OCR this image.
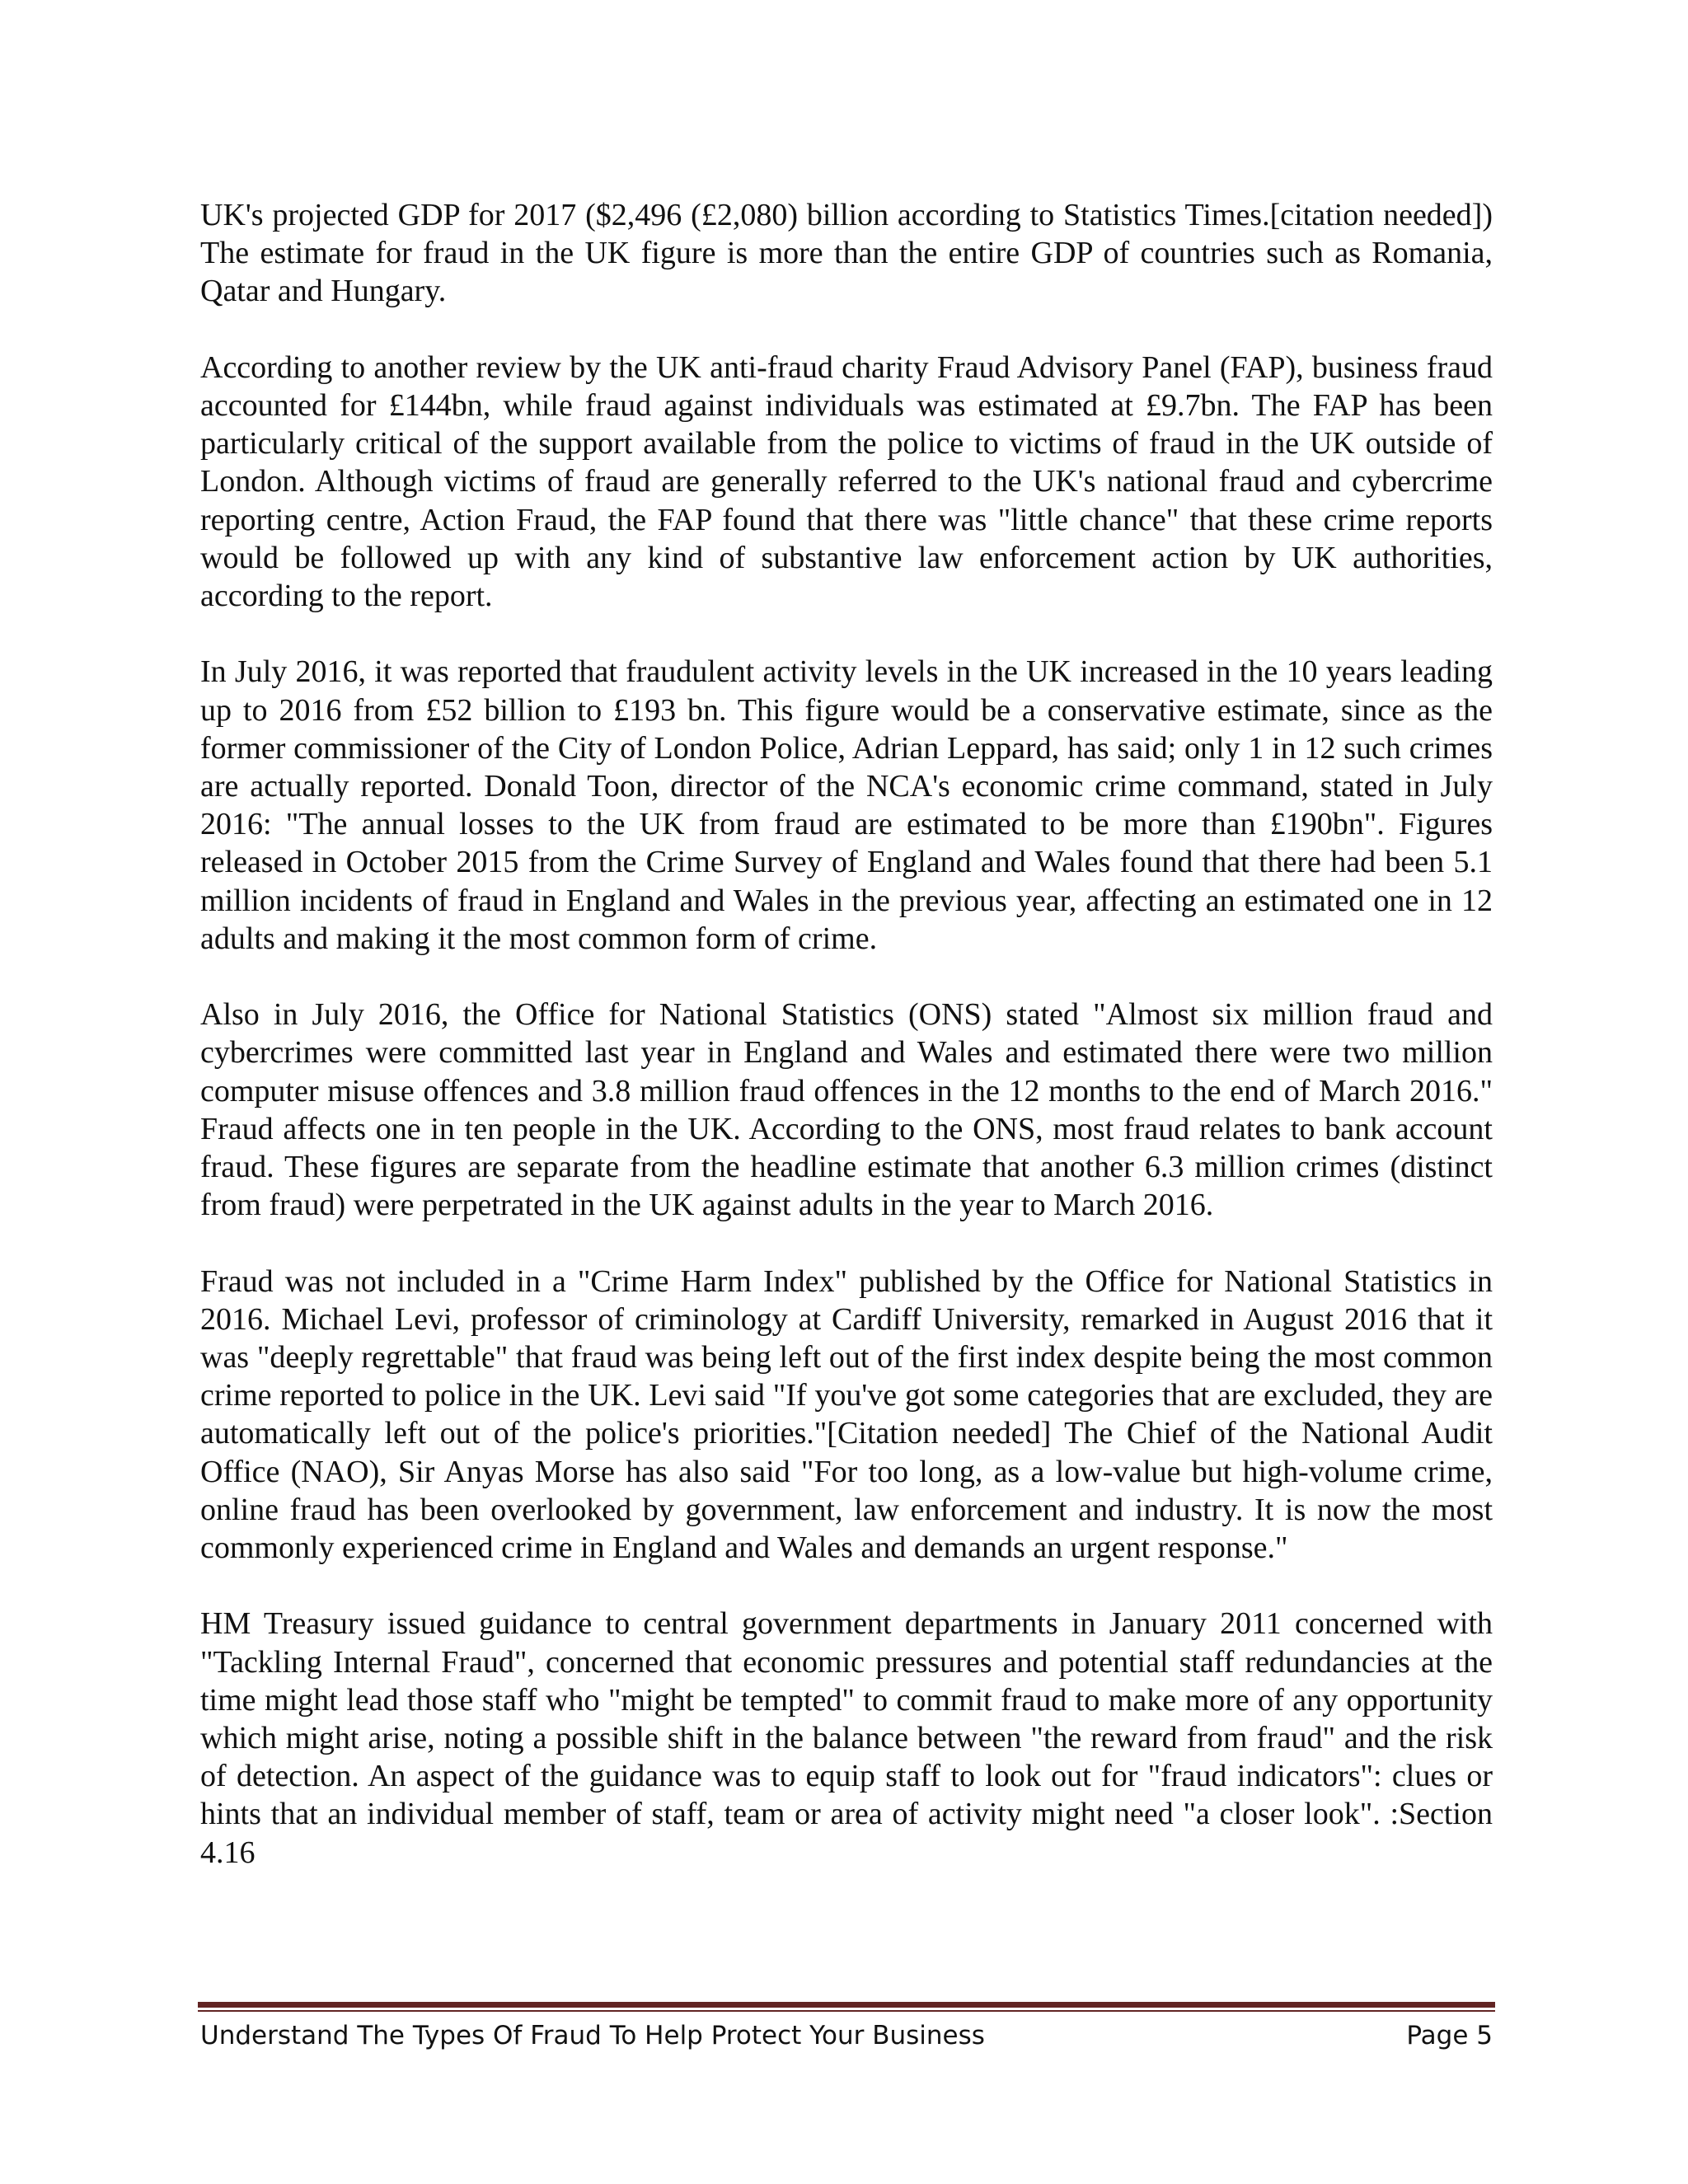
UK's projected GDP for 2017 ($2,496 (£2,080) billion according to Statistics Times.[citation needed]) The estimate for fraud in the UK figure is more than the entire GDP of countries such as Romania, Qatar and Hungary.

According to another review by the UK anti-fraud charity Fraud Advisory Panel (FAP), business fraud accounted for £144bn, while fraud against individuals was estimated at £9.7bn. The FAP has been particularly critical of the support available from the police to victims of fraud in the UK outside of London. Although victims of fraud are generally referred to the UK's national fraud and cybercrime reporting centre, Action Fraud, the FAP found that there was "little chance" that these crime reports would be followed up with any kind of substantive law enforcement action by UK authorities, according to the report.

In July 2016, it was reported that fraudulent activity levels in the UK increased in the 10 years leading up to 2016 from £52 billion to £193 bn. This figure would be a conservative estimate, since as the former commissioner of the City of London Police, Adrian Leppard, has said; only 1 in 12 such crimes are actually reported. Donald Toon, director of the NCA's economic crime command, stated in July 2016: "The annual losses to the UK from fraud are estimated to be more than £190bn". Figures released in October 2015 from the Crime Survey of England and Wales found that there had been 5.1 million incidents of fraud in England and Wales in the previous year, affecting an estimated one in 12 adults and making it the most common form of crime.

Also in July 2016, the Office for National Statistics (ONS) stated "Almost six million fraud and cybercrimes were committed last year in England and Wales and estimated there were two million computer misuse offences and 3.8 million fraud offences in the 12 months to the end of March 2016." Fraud affects one in ten people in the UK. According to the ONS, most fraud relates to bank account fraud. These figures are separate from the headline estimate that another 6.3 million crimes (distinct from fraud) were perpetrated in the UK against adults in the year to March 2016.

Fraud was not included in a "Crime Harm Index" published by the Office for National Statistics in 2016. Michael Levi, professor of criminology at Cardiff University, remarked in August 2016 that it was "deeply regrettable" that fraud was being left out of the first index despite being the most common crime reported to police in the UK. Levi said "If you've got some categories that are excluded, they are automatically left out of the police's priorities."[Citation needed] The Chief of the National Audit Office (NAO), Sir Anyas Morse has also said "For too long, as a low-value but high-volume crime, online fraud has been overlooked by government, law enforcement and industry. It is now the most commonly experienced crime in England and Wales and demands an urgent response."

HM Treasury issued guidance to central government departments in January 2011 concerned with "Tackling Internal Fraud", concerned that economic pressures and potential staff redundancies at the time might lead those staff who "might be tempted" to commit fraud to make more of any opportunity which might arise, noting a possible shift in the balance between "the reward from fraud" and the risk of detection. An aspect of the guidance was to equip staff to look out for "fraud indicators": clues or hints that an individual member of staff, team or area of activity might need "a closer look". :Section 4.16

Understand The Types Of Fraud To Help Protect Your Business	Page 5
